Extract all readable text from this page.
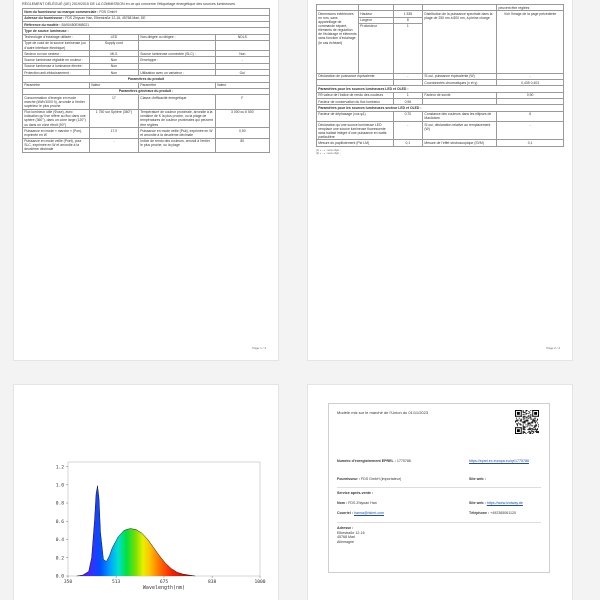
RÈGLEMENT DÉLÉGUÉ (UE) 2019/2015 DE LA COMMISSION en ce qui concerne l’étiquetage énergétique des sources lumineuses
Nom du fournisseur ou marque commerciale : FDS GmbH			
Adresse du fournisseur : FDS Zhiyuan Han, Elbestraße 12-16, 45768 Marl, DE			
Référence du modèle : BA90480E/M8021			
Type de source lumineuse :			
Technologie d’éclairage utilisée :	LED	Non-dirigée ou dirigée :	NDLS
Type de culot de la source lumineuse (ou d’autre interface électrique)	Supply cord		
Secteur ou non secteur :	MLS	Source lumineuse connectée (SLC) :	Non
Source lumineuse réglable en couleur :	Non	Enveloppe :	-
Source lumineuse à luminance élevée :	Non		
Protection anti-éblouissement :	Non	Utilisation avec un variateur :	Oui
Paramètres du produit			
Paramètre	Valeur	Paramètre	Valeur
Paramètres généraux du produit :			
Consommation d’énergie en mode marche (kWh/1000 h), arrondie à l’entier supérieur le plus proche	17	Classe d’efficacité énergétique	F
Flux lumineux utile (Φuse), avec indication qu’il se réfère au flux dans une sphère (360°), dans un cône large (120°) ou dans un cône étroit (90°)	1 750 sur Sphère (360°)	Température de couleur proximale, arrondie à la centaine de K la plus proche, ou la plage de températures de couleur proximales qui peuvent être réglées	3 000 ou 6 500
Puissance en mode « marche » (Pon), exprimée en W	17,0	Puissance en mode veille (Psb), exprimée en W et arrondie à la deuxième décimale	0,50
Puissance en mode veille (Pnet), pour SLC, exprimée en W et arrondie à la deuxième décimale	-	Indice de rendu des couleurs, arrondi à l’entier le plus proche, ou la plage	80
Page 1 / 4
				peuvent être réglées
Dimensions extérieures en mm, sans appareillage de commande séparé, éléments de régulation de l’éclairage et éléments sans fonction d’éclairage (le cas échéant)	Hauteur	1 535	Distribution de la puissance spectrale dans la plage de 250 nm à 800 nm, à pleine charge	Voir l’image de la page précédente
	Largeur	8		
	Profondeur	1		
Déclaration de puissance équivalente		-	Si oui, puissance équivalente (W)	-
			Coordonnées chromatiques (x et y)	0,435 0,403
Paramètres pour les sources lumineuses LED et OLED :				
R9 valeur de l’indice de rendu des couleurs		1	Facteur de survie	0,90
Facteur de conservation du flux lumineux		0,96		
Paramètres pour les sources lumineuses secteur LED et OLED :				
Facteur de déphasage (cos φ1)		0,70	Constance des couleurs dans les ellipses de MacAdam	6
Déclaration qu’une source lumineuse LED remplace une source lumineuse fluorescente sans ballast intégré d’une puissance en watts particulière		-	Si oui, déclaration relative au remplacement (W)	-
Mesure du papillotement (Pst LM)		0,1	Mesure de l’effet stroboscopique (SVM)	0,1
(1) « - » : sans objet ;
(2) « - » : sans objet ;
Page 2 / 4
0.0
0.2
0.4
0.6
0.8
1.0
1.2
350	513	675	838	1000
Wavelength(nm)
Modèle mis sur le marché de l’Union du 01/11/2023
Numéro d’enregistrement EPREL : 1775786	https://eprel.ec.europa.eu/qr/1775786
Fournisseur : FDS GmbH (importateur)	Site web :
Service après-vente :
Nom : FDS Zhiyuan Han	Site web : https://www.izotway.de
Courriel : hanna@hkimt.com	Téléphone : +492365061120
Adresse :
Elbestraße 12-16
45768 Marl
Allemagne
